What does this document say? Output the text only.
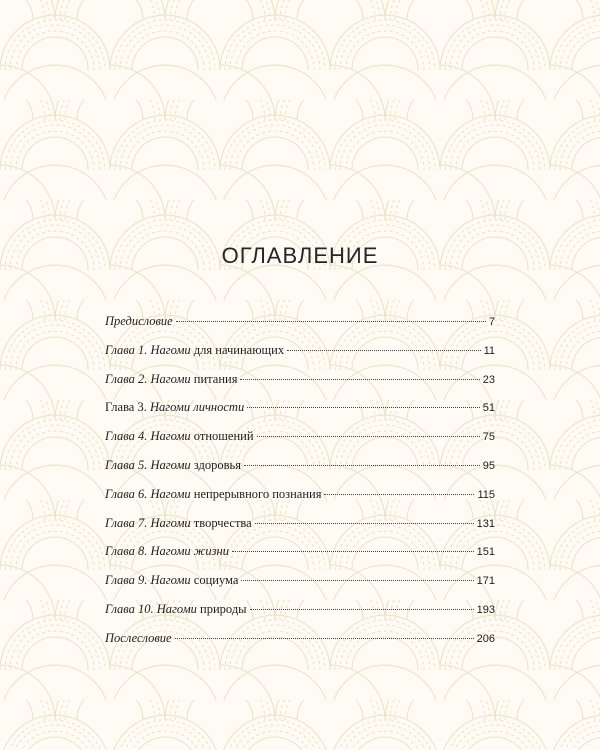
ОГЛАВЛЕНИЕ
Предисловие	7
Глава 1. Нагоми для начинающих	11
Глава 2. Нагоми питания	23
Глава 3. Нагоми личности	51
Глава 4. Нагоми отношений	75
Глава 5. Нагоми здоровья	95
Глава 6. Нагоми непрерывного познания	115
Глава 7. Нагоми творчества	131
Глава 8. Нагоми жизни	151
Глава 9. Нагоми социума	171
Глава 10. Нагоми природы	193
Послесловие	206
